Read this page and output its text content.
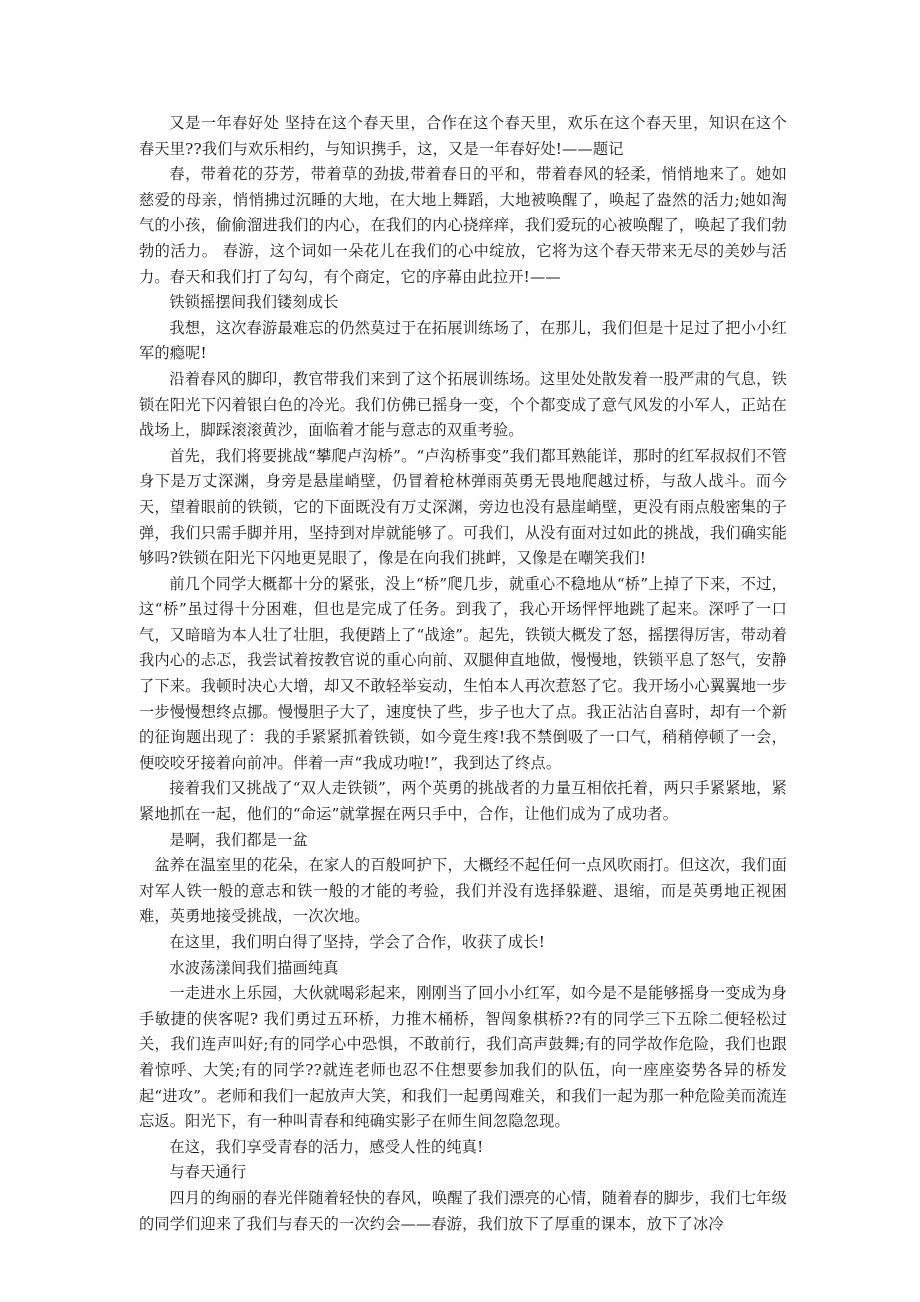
又是一年春好处 坚持在这个春天里，合作在这个春天里，欢乐在这个春天里，知识在这个春天里??我们与欢乐相约，与知识携手，这，又是一年春好处!——题记

春，带着花的芬芳，带着草的劲拔,带着春日的平和，带着春风的轻柔，悄悄地来了。她如慈爱的母亲，悄悄拂过沉睡的大地，在大地上舞蹈，大地被唤醒了，唤起了盎然的活力;她如淘气的小孩，偷偷溜进我们的内心，在我们的内心挠痒痒，我们爱玩的心被唤醒了，唤起了我们勃勃的活力。 春游，这个词如一朵花儿在我们的心中绽放，它将为这个春天带来无尽的美妙与活力。春天和我们打了勾勾，有个商定，它的序幕由此拉开!——

铁锁摇摆间我们镂刻成长

我想，这次春游最难忘的仍然莫过于在拓展训练场了，在那儿，我们但是十足过了把小小红军的瘾呢!

沿着春风的脚印，教官带我们来到了这个拓展训练场。这里处处散发着一股严肃的气息，铁锁在阳光下闪着银白色的冷光。我们仿佛已摇身一变，个个都变成了意气风发的小军人，正站在战场上，脚踩滚滚黄沙，面临着才能与意志的双重考验。

首先，我们将要挑战“攀爬卢沟桥”。“卢沟桥事变”我们都耳熟能详，那时的红军叔叔们不管身下是万丈深渊，身旁是悬崖峭壁，仍冒着枪林弹雨英勇无畏地爬越过桥，与敌人战斗。而今天，望着眼前的铁锁，它的下面既没有万丈深渊，旁边也没有悬崖峭壁，更没有雨点般密集的子弹，我们只需手脚并用，坚持到对岸就能够了。可我们，从没有面对过如此的挑战，我们确实能够吗?铁锁在阳光下闪地更晃眼了，像是在向我们挑衅，又像是在嘲笑我们!

前几个同学大概都十分的紧张，没上“桥”爬几步，就重心不稳地从“桥”上掉了下来，不过，这“桥”虽过得十分困难，但也是完成了任务。到我了，我心开场怦怦地跳了起来。深呼了一口气，又暗暗为本人壮了壮胆，我便踏上了“战途”。起先，铁锁大概发了怒，摇摆得厉害，带动着我内心的忐忑，我尝试着按教官说的重心向前、双腿伸直地做，慢慢地，铁锁平息了怒气，安静了下来。我顿时决心大增，却又不敢轻举妄动，生怕本人再次惹怒了它。我开场小心翼翼地一步一步慢慢想终点挪。慢慢胆子大了，速度快了些，步子也大了点。我正沾沾自喜时，却有一个新的征询题出现了：我的手紧紧抓着铁锁，如今竟生疼!我不禁倒吸了一口气，稍稍停顿了一会，便咬咬牙接着向前冲。伴着一声“我成功啦!”，我到达了终点。

接着我们又挑战了“双人走铁锁”，两个英勇的挑战者的力量互相依托着，两只手紧紧地，紧紧地抓在一起，他们的“命运”就掌握在两只手中，合作，让他们成为了成功者。

是啊，我们都是一盆

盆养在温室里的花朵，在家人的百般呵护下，大概经不起任何一点风吹雨打。但这次，我们面对军人铁一般的意志和铁一般的才能的考验，我们并没有选择躲避、退缩，而是英勇地正视困难，英勇地接受挑战，一次次地。

在这里，我们明白得了坚持，学会了合作，收获了成长!

水波荡漾间我们描画纯真

一走进水上乐园，大伙就喝彩起来，刚刚当了回小小红军，如今是不是能够摇身一变成为身手敏捷的侠客呢? 我们勇过五环桥，力推木桶桥，智闯象棋桥??有的同学三下五除二便轻松过关，我们连声叫好;有的同学心中恐惧，不敢前行，我们高声鼓舞;有的同学故作危险，我们也跟着惊呼、大笑;有的同学??就连老师也忍不住想要参加我们的队伍，向一座座姿势各异的桥发起“进攻”。老师和我们一起放声大笑，和我们一起勇闯难关，和我们一起为那一种危险美而流连忘返。阳光下，有一种叫青春和纯确实影子在师生间忽隐忽现。

在这，我们享受青春的活力，感受人性的纯真!

与春天通行

四月的绚丽的春光伴随着轻快的春风，唤醒了我们漂亮的心情，随着春的脚步，我们七年级的同学们迎来了我们与春天的一次约会——春游，我们放下了厚重的课本，放下了冰冷
